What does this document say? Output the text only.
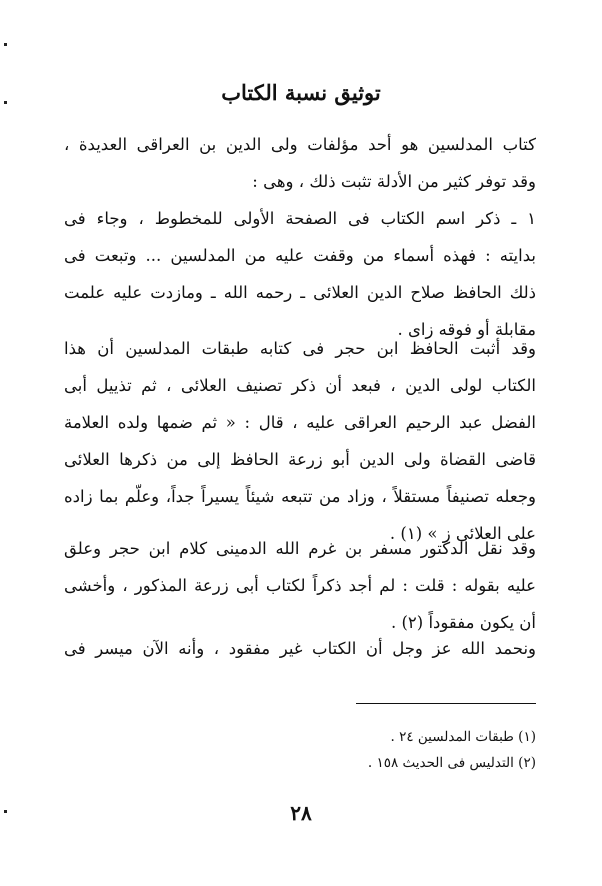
توثيق نسبة الكتاب
كتاب المدلسين هو أحد مؤلفات ولى الدين بن العراقى العديدة ،
وقد توفر كثير من الأدلة تثبت ذلك ، وهى :
١ ـ ذكر اسم الكتاب فى الصفحة الأولى للمخطوط ، وجاء فى
بدايته : فهذه أسماء من وقفت عليه من المدلسين ... وتبعت فى
ذلك الحافظ صلاح الدين العلائى ـ رحمه الله ـ ومازدت عليه علمت
مقابلة أو فوقه زاى .
وقد أثبت الحافظ ابن حجر فى كتابه طبقات المدلسين أن هذا
الكتاب لولى الدين ، فبعد أن ذكر تصنيف العلائى ، ثم تذييل أبى
الفضل عبد الرحيم العراقى عليه ، قال : « ثم ضمها ولده العلامة
قاضى القضاة ولى الدين أبو زرعة الحافظ إلى من ذكرها العلائى
وجعله تصنيفاً مستقلاً ، وزاد من تتبعه شيئاً يسيراً جداً، وعلّم بما زاده
على العلائى ز » (١) .
وقد نقل الدكتور مسفر بن غرم الله الدمينى كلام ابن حجر وعلق
عليه بقوله : قلت : لم أجد ذكراً لكتاب أبى زرعة المذكور ، وأخشى
أن يكون مفقوداً (٢) .
ونحمد الله عز وجل أن الكتاب غير مفقود ، وأنه الآن ميسر فى
(١) طبقات المدلسين ٢٤ .
(٢) التدليس فى الحديث ١٥٨ .
٢٨
